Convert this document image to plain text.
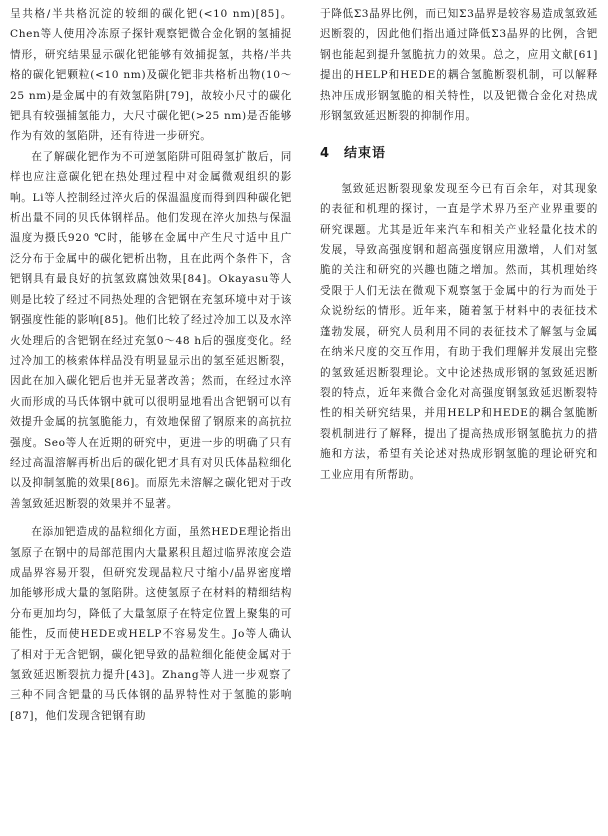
呈共格/半共格沉淀的较细的碳化钯(<10 nm)[85]。Chen等人使用冷冻原子探针观察钯微合金化钢的氢捕捉情形，研究结果显示碳化钯能够有效捕捉氢，共格/半共格的碳化钯颗粒(<10 nm)及碳化钯非共格析出物(10～25 nm)是金属中的有效氢陷阱[79]，故较小尺寸的碳化钯具有较强捕氢能力，大尺寸碳化钯(>25 nm)是否能够作为有效的氢陷阱，还有待进一步研究。

在了解碳化钯作为不可逆氢陷阱可阻碍氢扩散后，同样也应注意碳化钯在热处理过程中对金属微观组织的影响。Li等人控制经过淬火后的保温温度而得到四种碳化钯析出量不同的贝氏体钢样品。他们发现在淬火加热与保温温度为摄氏920 ℃时，能够在金属中产生尺寸适中且广泛分布于金属中的碳化钯析出物，且在此两个条件下，含钯钢具有最良好的抗氢致腐蚀效果[84]。Okayasu等人则是比较了经过不同热处理的含钯钢在充氢环境中对于该钢强度性能的影响[85]。他们比较了经过冷加工以及水淬火处理后的含钯钢在经过充氢0～48 h后的强度变化。经过冷加工的核索体样品没有明显显示出的氢至延迟断裂，因此在加入碳化钯后也并无显著改善；然而，在经过水淬火而形成的马氏体钢中就可以很明显地看出含钯钢可以有效提升金属的抗氢脆能力，有效地保留了钢原来的高抗拉强度。Seo等人在近期的研究中，更进一步的明确了只有经过高温溶解再析出后的碳化钯才具有对贝氏体晶粒细化以及抑制氢脆的效果[86]。而原先未溶解之碳化钯对于改善氢致延迟断裂的效果并不显著。

在添加钯造成的晶粒细化方面，虽然HEDE理论指出氢原子在钢中的局部范围内大量累积且超过临界浓度会造成晶界容易开裂，但研究发现晶粒尺寸缩小/晶界密度增加能够形成大量的氢陷阱。这使氢原子在材料的精细结构分布更加均匀，降低了大量氢原子在特定位置上聚集的可能性，反而使HEDE或HELP不容易发生。Jo等人确认了相对于无含钯钢，碳化钯导致的晶粒细化能使金属对于氢致延迟断裂抗力提升[43]。Zhang等人进一步观察了三种不同含钯量的马氏体钢的晶界特性对于氢脆的影响[87]，他们发现含钯钢有助

于降低Σ3晶界比例，而已知Σ3晶界是较容易造成氢致延迟断裂的，因此他们指出通过降低Σ3晶界的比例，含钯钢也能起到提升氢脆抗力的效果。总之，应用文献[61]提出的HELP和HEDE的耦合氢脆断裂机制，可以解释热冲压成形钢氢脆的相关特性，以及钯微合金化对热成形钢氢致延迟断裂的抑制作用。

4 结束语

氢致延迟断裂现象发现至今已有百余年，对其现象的表征和机理的探讨，一直是学术界乃至产业界重要的研究课题。尤其是近年来汽车和相关产业轻量化技术的发展，导致高强度钢和超高强度钢应用激增，人们对氢脆的关注和研究的兴趣也随之增加。然而，其机理始终受限于人们无法在微观下观察氢于金属中的行为而处于众说纷纭的情形。近年来，随着氢于材料中的表征技术蓬勃发展，研究人员利用不同的表征技术了解氢与金属在纳米尺度的交互作用，有助于我们理解并发展出完整的氢致延迟断裂理论。文中论述热成形钢的氢致延迟断裂的特点，近年来微合金化对高强度钢氢致延迟断裂特性的相关研究结果，并用HELP和HEDE的耦合氢脆断裂机制进行了解释，提出了提高热成形钢氢脆抗力的措施和方法，希望有关论述对热成形钢氢脆的理论研究和工业应用有所帮助。
